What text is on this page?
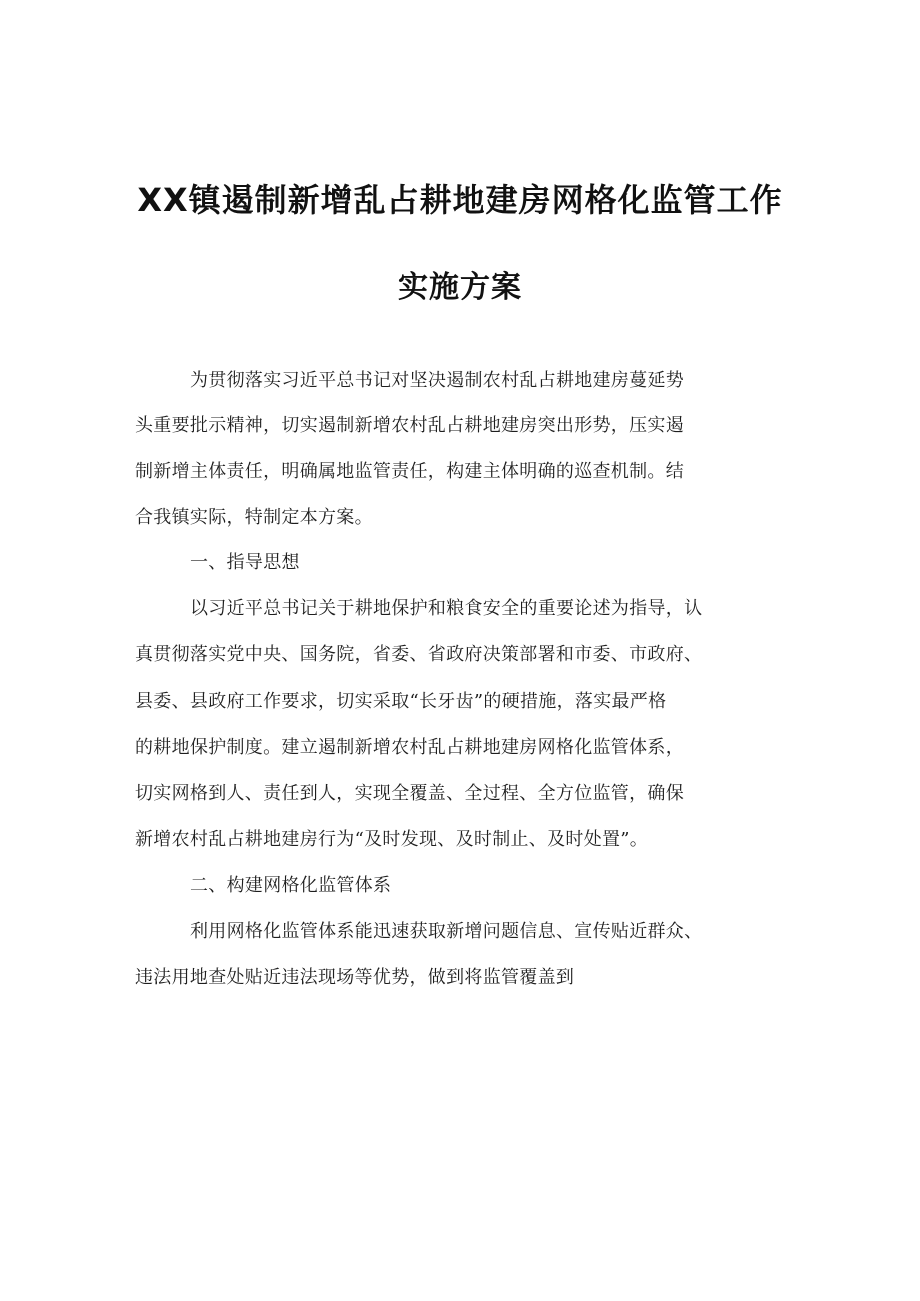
XX镇遏制新增乱占耕地建房网格化监管工作
实施方案
为贯彻落实习近平总书记对坚决遏制农村乱占耕地建房蔓延势
头重要批示精神，切实遏制新增农村乱占耕地建房突出形势，压实遏
制新增主体责任，明确属地监管责任，构建主体明确的巡查机制。结
合我镇实际，特制定本方案。
一、指导思想
以习近平总书记关于耕地保护和粮食安全的重要论述为指导，认
真贯彻落实党中央、国务院，省委、省政府决策部署和市委、市政府、
县委、县政府工作要求，切实采取“长牙齿”的硬措施，落实最严格
的耕地保护制度。建立遏制新增农村乱占耕地建房网格化监管体系，
切实网格到人、责任到人，实现全覆盖、全过程、全方位监管，确保
新增农村乱占耕地建房行为“及时发现、及时制止、及时处置”。
二、构建网格化监管体系
利用网格化监管体系能迅速获取新增问题信息、宣传贴近群众、
违法用地查处贴近违法现场等优势，做到将监管覆盖到
